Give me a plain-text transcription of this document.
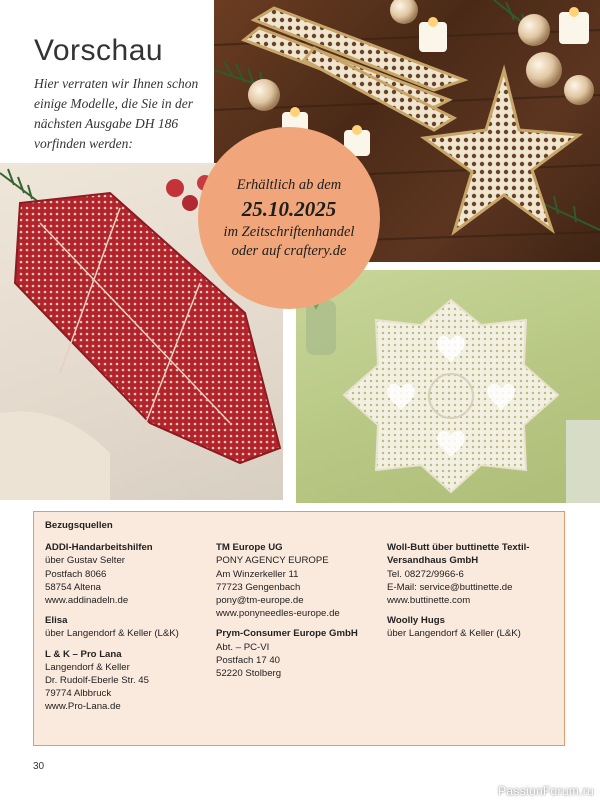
Vorschau
Hier verraten wir Ihnen schon einige Modelle, die Sie in der nächsten Ausgabe DH 186 vorfinden werden:
Erhältlich ab dem
25.10.2025
im Zeitschriftenhandel
oder auf craftery.de
Bezugsquellen
ADDI-Handarbeitshilfen
über Gustav Selter
Postfach 8066
58754 Altena
www.addinadeln.de
Elisa
über Langendorf & Keller (L&K)
L & K – Pro Lana
Langendorf & Keller
Dr. Rudolf-Eberle Str. 45
79774 Albbruck
www.Pro-Lana.de
TM Europe UG
PONY AGENCY EUROPE
Am Winzerkeller 11
77723 Gengenbach
pony@tm-europe.de
www.ponyneedles-europe.de
Prym-Consumer Europe GmbH
Abt. – PC-VI
Postfach 17 40
52220 Stolberg
Woll-Butt über buttinette Textil-Versandhaus GmbH
Tel. 08272/9966-6
E-Mail: service@buttinette.de
www.buttinette.com
Woolly Hugs
über Langendorf & Keller (L&K)
30
PassionForum.ru
